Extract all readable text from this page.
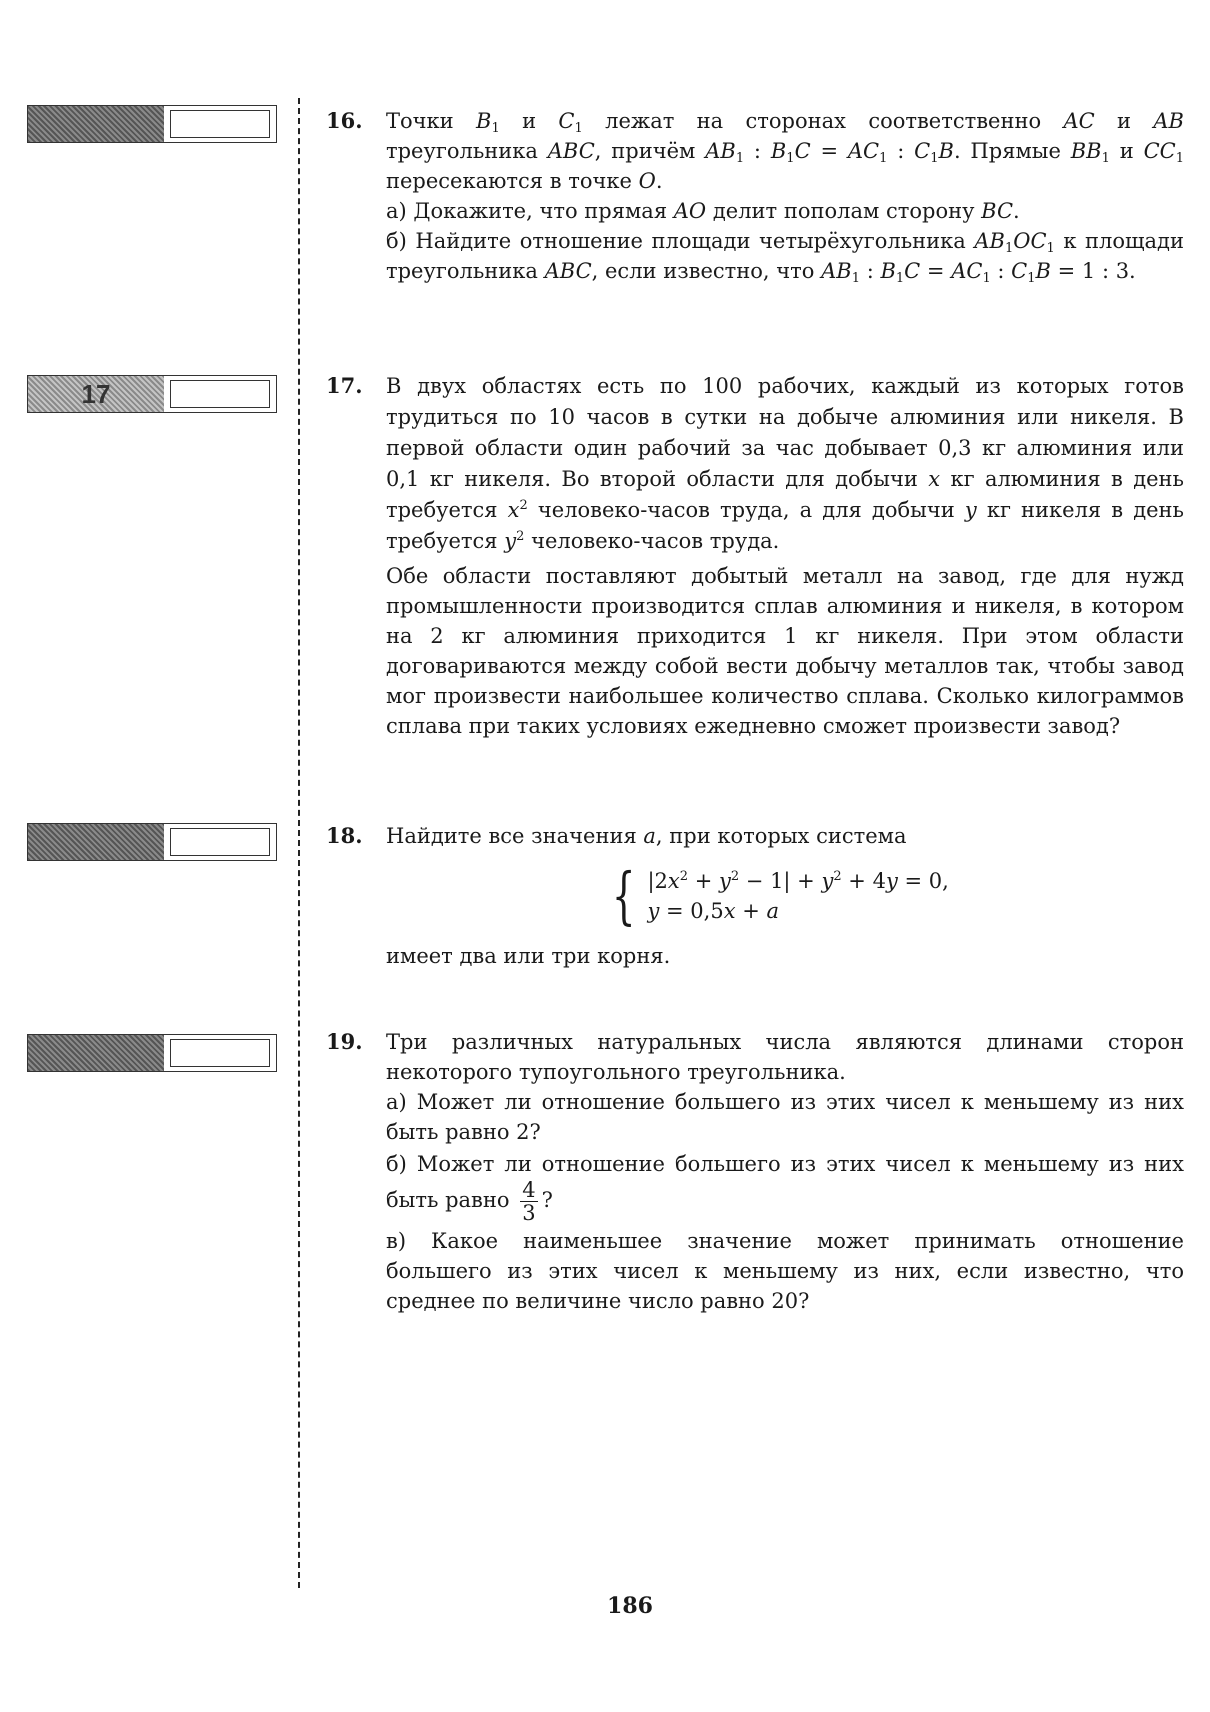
17
16. Точки $B_1$ и $C_1$ лежат на сторонах соответственно AC и AB треугольника ABC, причём $AB_1$ : $B_1C = AC_1$ : $C_1B$. Прямые $BB_1$ и $CC_1$ пересекаются в точке O.

а) Докажите, что прямая AO делит пополам сторону BC.

б) Найдите отношение площади четырёхугольника $AB_1OC_1$ к площади треугольника ABC, если известно, что $AB_1$ : $B_1C = AC_1$ : $C_1B = 1$ : 3.

17. В двух областях есть по 100 рабочих, каждый из которых готов трудиться по 10 часов в сутки на добыче алюминия или никеля. В первой области один рабочий за час добывает 0,3 кг алюминия или 0,1 кг никеля. Во второй области для добычи x кг алюминия в день требуется $x^2$ человеко-часов труда, а для добычи y кг никеля в день требуется $y^2$ человеко-часов труда.

Обе области поставляют добытый металл на завод, где для нужд промышленности производится сплав алюминия и никеля, в котором на 2 кг алюминия приходится 1 кг никеля. При этом области договариваются между собой вести добычу металлов так, чтобы завод мог произвести наибольшее количество сплава. Сколько килограммов сплава при таких условиях ежедневно сможет произвести завод?

18. Найдите все значения a, при которых система

{ $|2x^2 + y^2 - 1| + y^2 + 4y = 0$,
y = 0,5x + a

имеет два или три корня.

19. Три различных натуральных числа являются длинами сторон некоторого тупоугольного треугольника.

а) Может ли отношение большего из этих чисел к меньшему из них быть равно 2?

б) Может ли отношение большего из этих чисел к меньшему из них быть равно $\frac{4}{3}$ ?

в) Какое наименьшее значение может принимать отношение большего из этих чисел к меньшему из них, если известно, что среднее по величине число равно 20?

186
